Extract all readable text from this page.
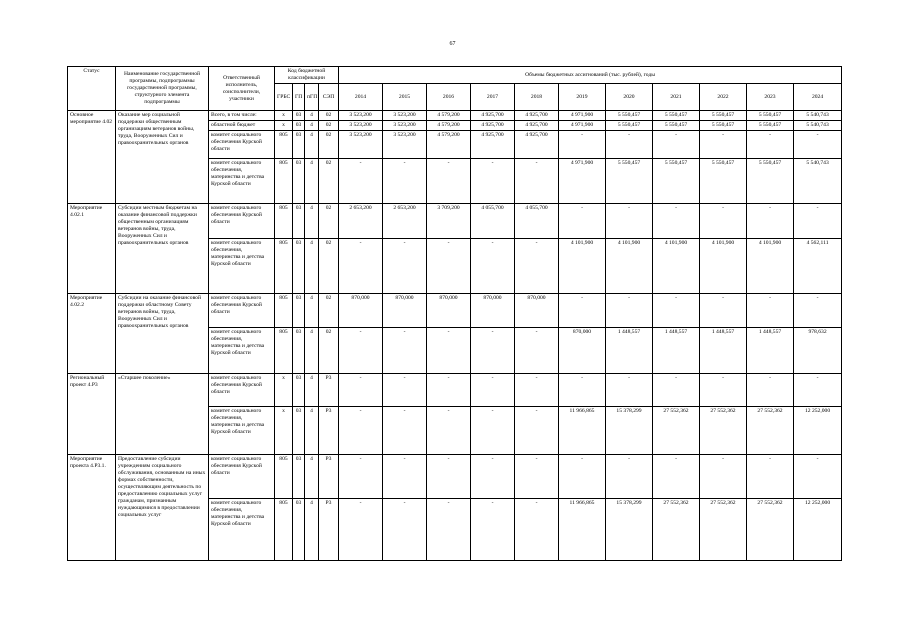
67
Статус	Наименование государственной программы, подпрограммы государственной программы, структурного элемента подпрограммы	Ответственный исполнитель, соисполнители, участники	Код бюджетной классификации				Объемы бюджетных ассигнований (тыс. рублей), годы										
			ГРБС	ГП	пГП	СЭП	2014	2015	2016	2017	2018	2019	2020	2021	2022	2023	2024
Основное мероприятие 4.02	Оказание мер социальной поддержки общественным организациям ветеранов войны, труда, Вооруженных Сил и правоохранительных органов	Всего, в том числе:	х	03	4	02	3 523,200	3 523,200	4 579,200	4 925,700	4 925,700	4 971,900	5 550,457	5 550,457	5 550,457	5 550,457	5 540,743
		областной бюджет	х	03	4	02	3 523,200	3 523,200	4 579,200	4 925,700	4 925,700	4 971,900	5 550,457	5 550,457	5 550,457	5 550,457	5 540,743
		комитет социального обеспечения Курской области	805	03	4	02	3 523,200	3 523,200	4 579,200	4 925,700	4 925,700	-	-	-	-	-	-
		комитет социального обеспечения, материнства и детства Курской области	805	03	4	02	-	-	-	-	-	4 971,900	5 550,457	5 550,457	5 550,457	5 550,457	5 540,743
Мероприятие 4.02.1	Субсидии местным бюджетам на оказание финансовой поддержки общественным организациям ветеранов войны, труда, Вооруженных Сил и правоохранительных органов	комитет социального обеспечения Курской области	805	03	4	02	2 653,200	2 653,200	3 709,200	4 055,700	4 055,700	-	-	-	-	-	-
		комитет социального обеспечения, материнства и детства Курской области	805	03	4	02	-	-	-	-	-	4 101,900	4 101,900	4 101,900	4 101,900	4 101,900	4 562,111
Мероприятие 4.02.2	Субсидии на оказание финансовой поддержки областному Совету ветеранов войны, труда, Вооруженных Сил и правоохранительных органов	комитет социального обеспечения Курской области	805	03	4	02	870,000	870,000	870,000	870,000	870,000	-	-	-	-	-	-
		комитет социального обеспечения, материнства и детства Курской области	805	03	4	02	-	-	-	-	-	870,000	1 448,557	1 448,557	1 448,557	1 448,557	978,632
Региональный проект 4.Р3	«Старшее поколение»	комитет социального обеспечения Курской области	х	03	4	Р3	-	-	-	-	-	-	-	-	-	-	-
		комитет социального обеспечения, материнства и детства Курской области	х	03	4	Р3	-	-	-	-	-	11 966,865	15 378,299	27 552,362	27 552,362	27 552,362	12 252,000
Мероприятие проекта 4.Р3.1.	Предоставление субсидии учреждениям социального обслуживания, основанным на иных формах собственности, осуществляющим деятельность по предоставлению социальных услуг гражданам, признанным нуждающимися в предоставлении социальных услуг	комитет социального обеспечения Курской области	805	03	4	Р3	-	-	-	-	-	-	-	-	-	-	-
		комитет социального обеспечения, материнства и детства Курской области	805	03	4	Р3	-	-	-	-	-	11 966,865	15 378,299	27 552,362	27 552,362	27 552,362	12 252,000
